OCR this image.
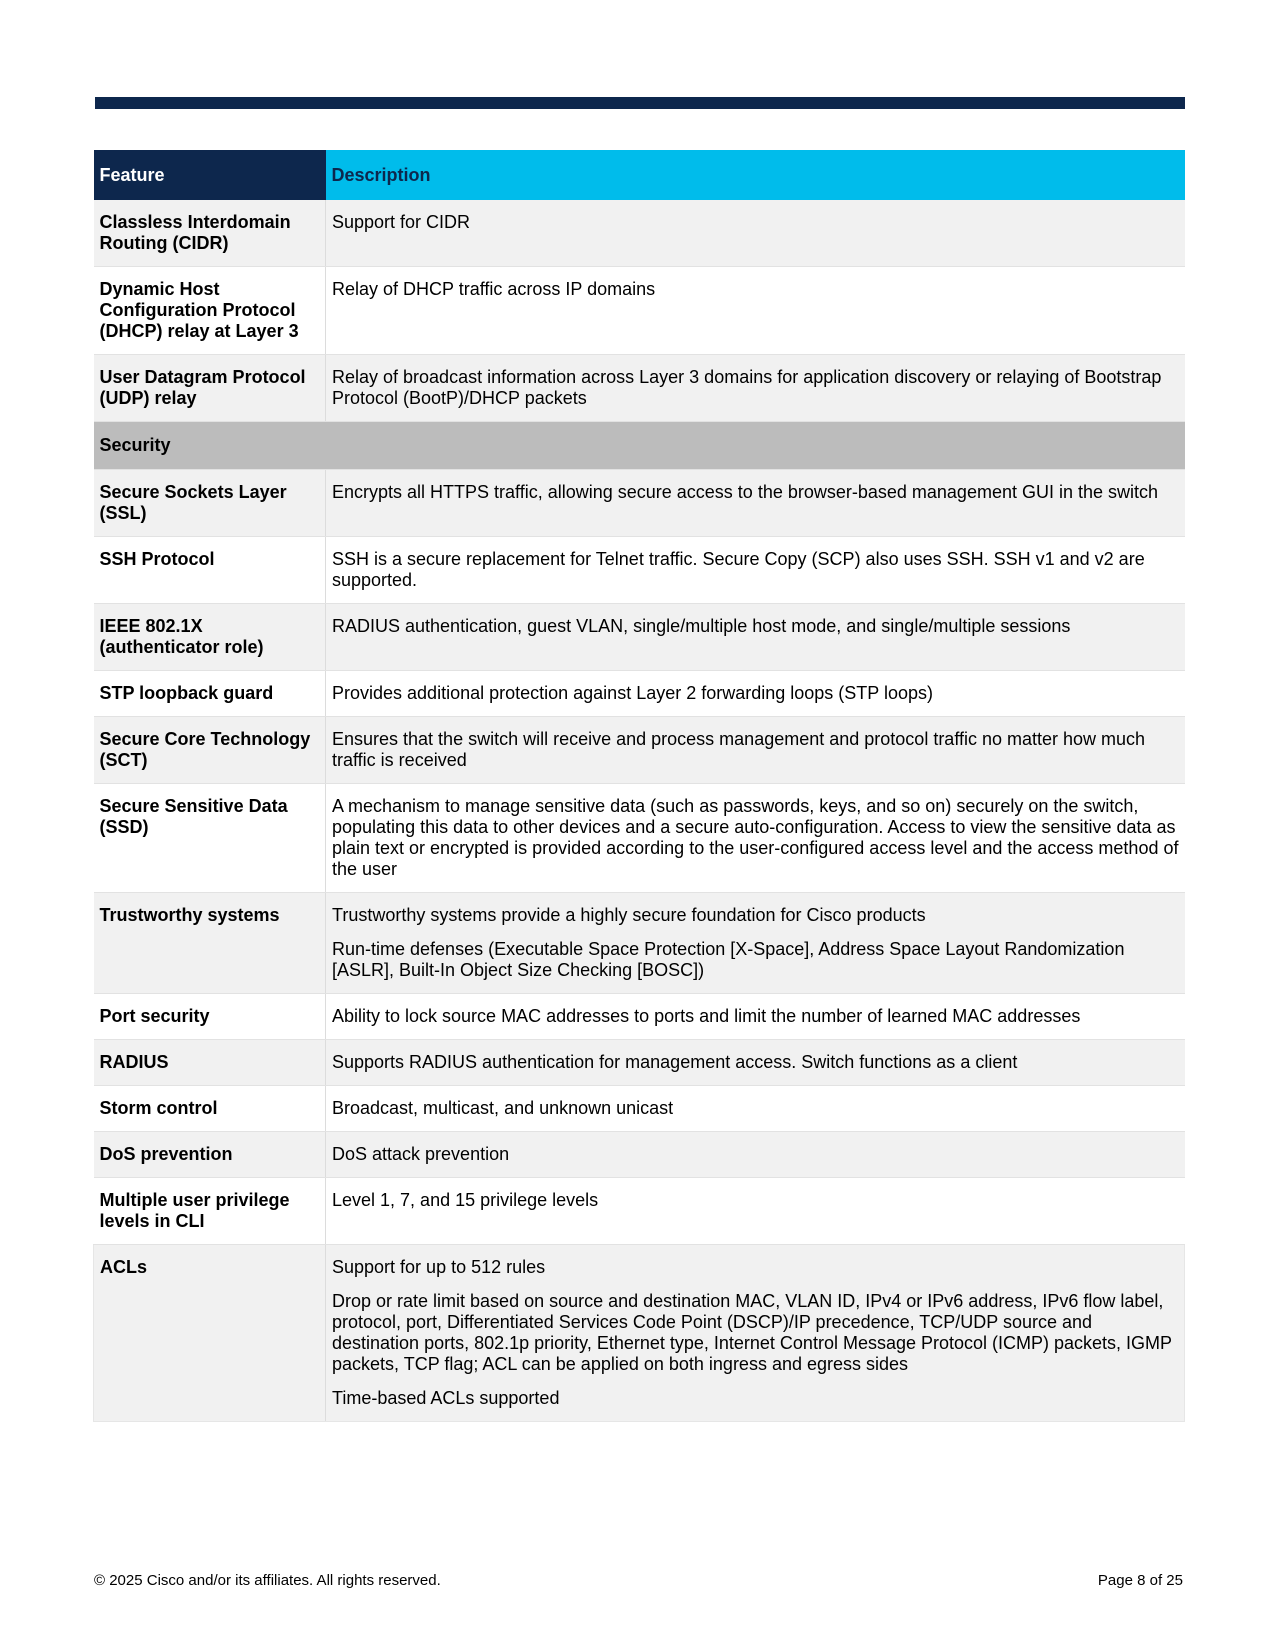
Feature	Description
Classless Interdomain Routing (CIDR)	Support for CIDR

Dynamic Host Configuration Protocol (DHCP) relay at Layer 3	Relay of DHCP traffic across IP domains

User Datagram Protocol (UDP) relay	Relay of broadcast information across Layer 3 domains for application discovery or relaying of Bootstrap Protocol (BootP)/DHCP packets

Security	
Secure Sockets Layer (SSL)	Encrypts all HTTPS traffic, allowing secure access to the browser-based management GUI in the switch

SSH Protocol	SSH is a secure replacement for Telnet traffic. Secure Copy (SCP) also uses SSH. SSH v1 and v2 are supported.

IEEE 802.1X (authenticator role)	RADIUS authentication, guest VLAN, single/multiple host mode, and single/multiple sessions

STP loopback guard	Provides additional protection against Layer 2 forwarding loops (STP loops)

Secure Core Technology (SCT)	Ensures that the switch will receive and process management and protocol traffic no matter how much traffic is received

Secure Sensitive Data (SSD)	A mechanism to manage sensitive data (such as passwords, keys, and so on) securely on the switch, populating this data to other devices and a secure auto-configuration. Access to view the sensitive data as plain text or encrypted is provided according to the user-configured access level and the access method of the user

Trustworthy systems	Trustworthy systems provide a highly secure foundation for Cisco products

Run-time defenses (Executable Space Protection [X-Space], Address Space Layout Randomization [ASLR], Built-In Object Size Checking [BOSC])

Port security	Ability to lock source MAC addresses to ports and limit the number of learned MAC addresses

RADIUS	Supports RADIUS authentication for management access. Switch functions as a client

Storm control	Broadcast, multicast, and unknown unicast

DoS prevention	DoS attack prevention

Multiple user privilege levels in CLI	Level 1, 7, and 15 privilege levels

ACLs	Support for up to 512 rules

Drop or rate limit based on source and destination MAC, VLAN ID, IPv4 or IPv6 address, IPv6 flow label, protocol, port, Differentiated Services Code Point (DSCP)/IP precedence, TCP/UDP source and destination ports, 802.1p priority, Ethernet type, Internet Control Message Protocol (ICMP) packets, IGMP packets, TCP flag; ACL can be applied on both ingress and egress sides

Time-based ACLs supported

© 2025 Cisco and/or its affiliates. All rights reserved.	Page 8 of 25
